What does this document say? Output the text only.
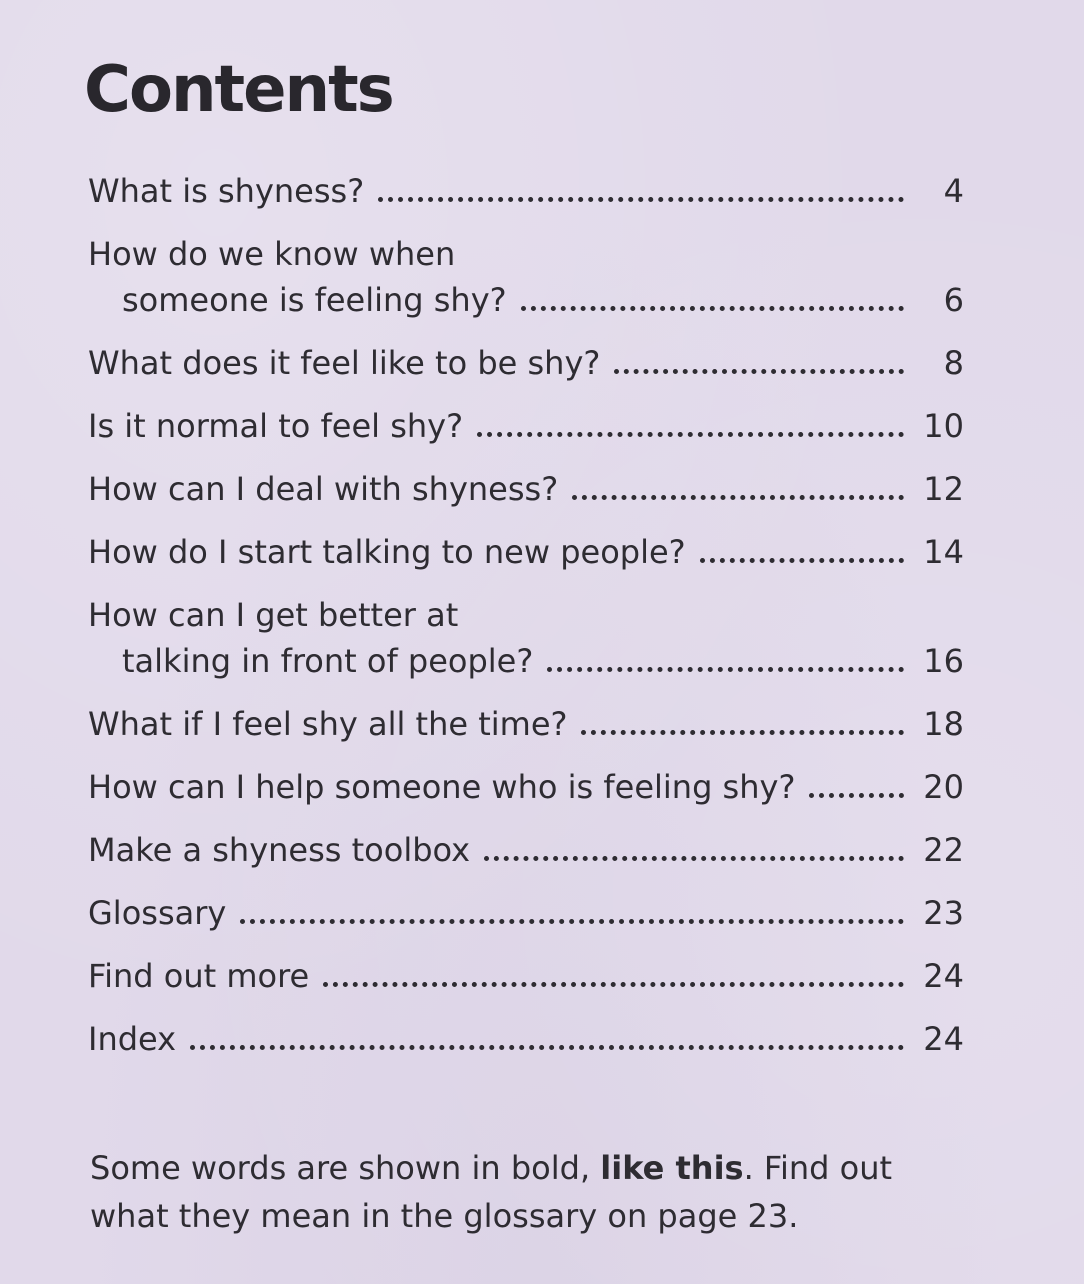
Contents
What is shyness?	4
How do we know when
someone is feeling shy?	6
What does it feel like to be shy?	8
Is it normal to feel shy?	10
How can I deal with shyness?	12
How do I start talking to new people?	14
How can I get better at
talking in front of people?	16
What if I feel shy all the time?	18
How can I help someone who is feeling shy?	20
Make a shyness toolbox	22
Glossary	23
Find out more	24
Index	24

Some words are shown in bold, like this. Find out what they mean in the glossary on page 23.
